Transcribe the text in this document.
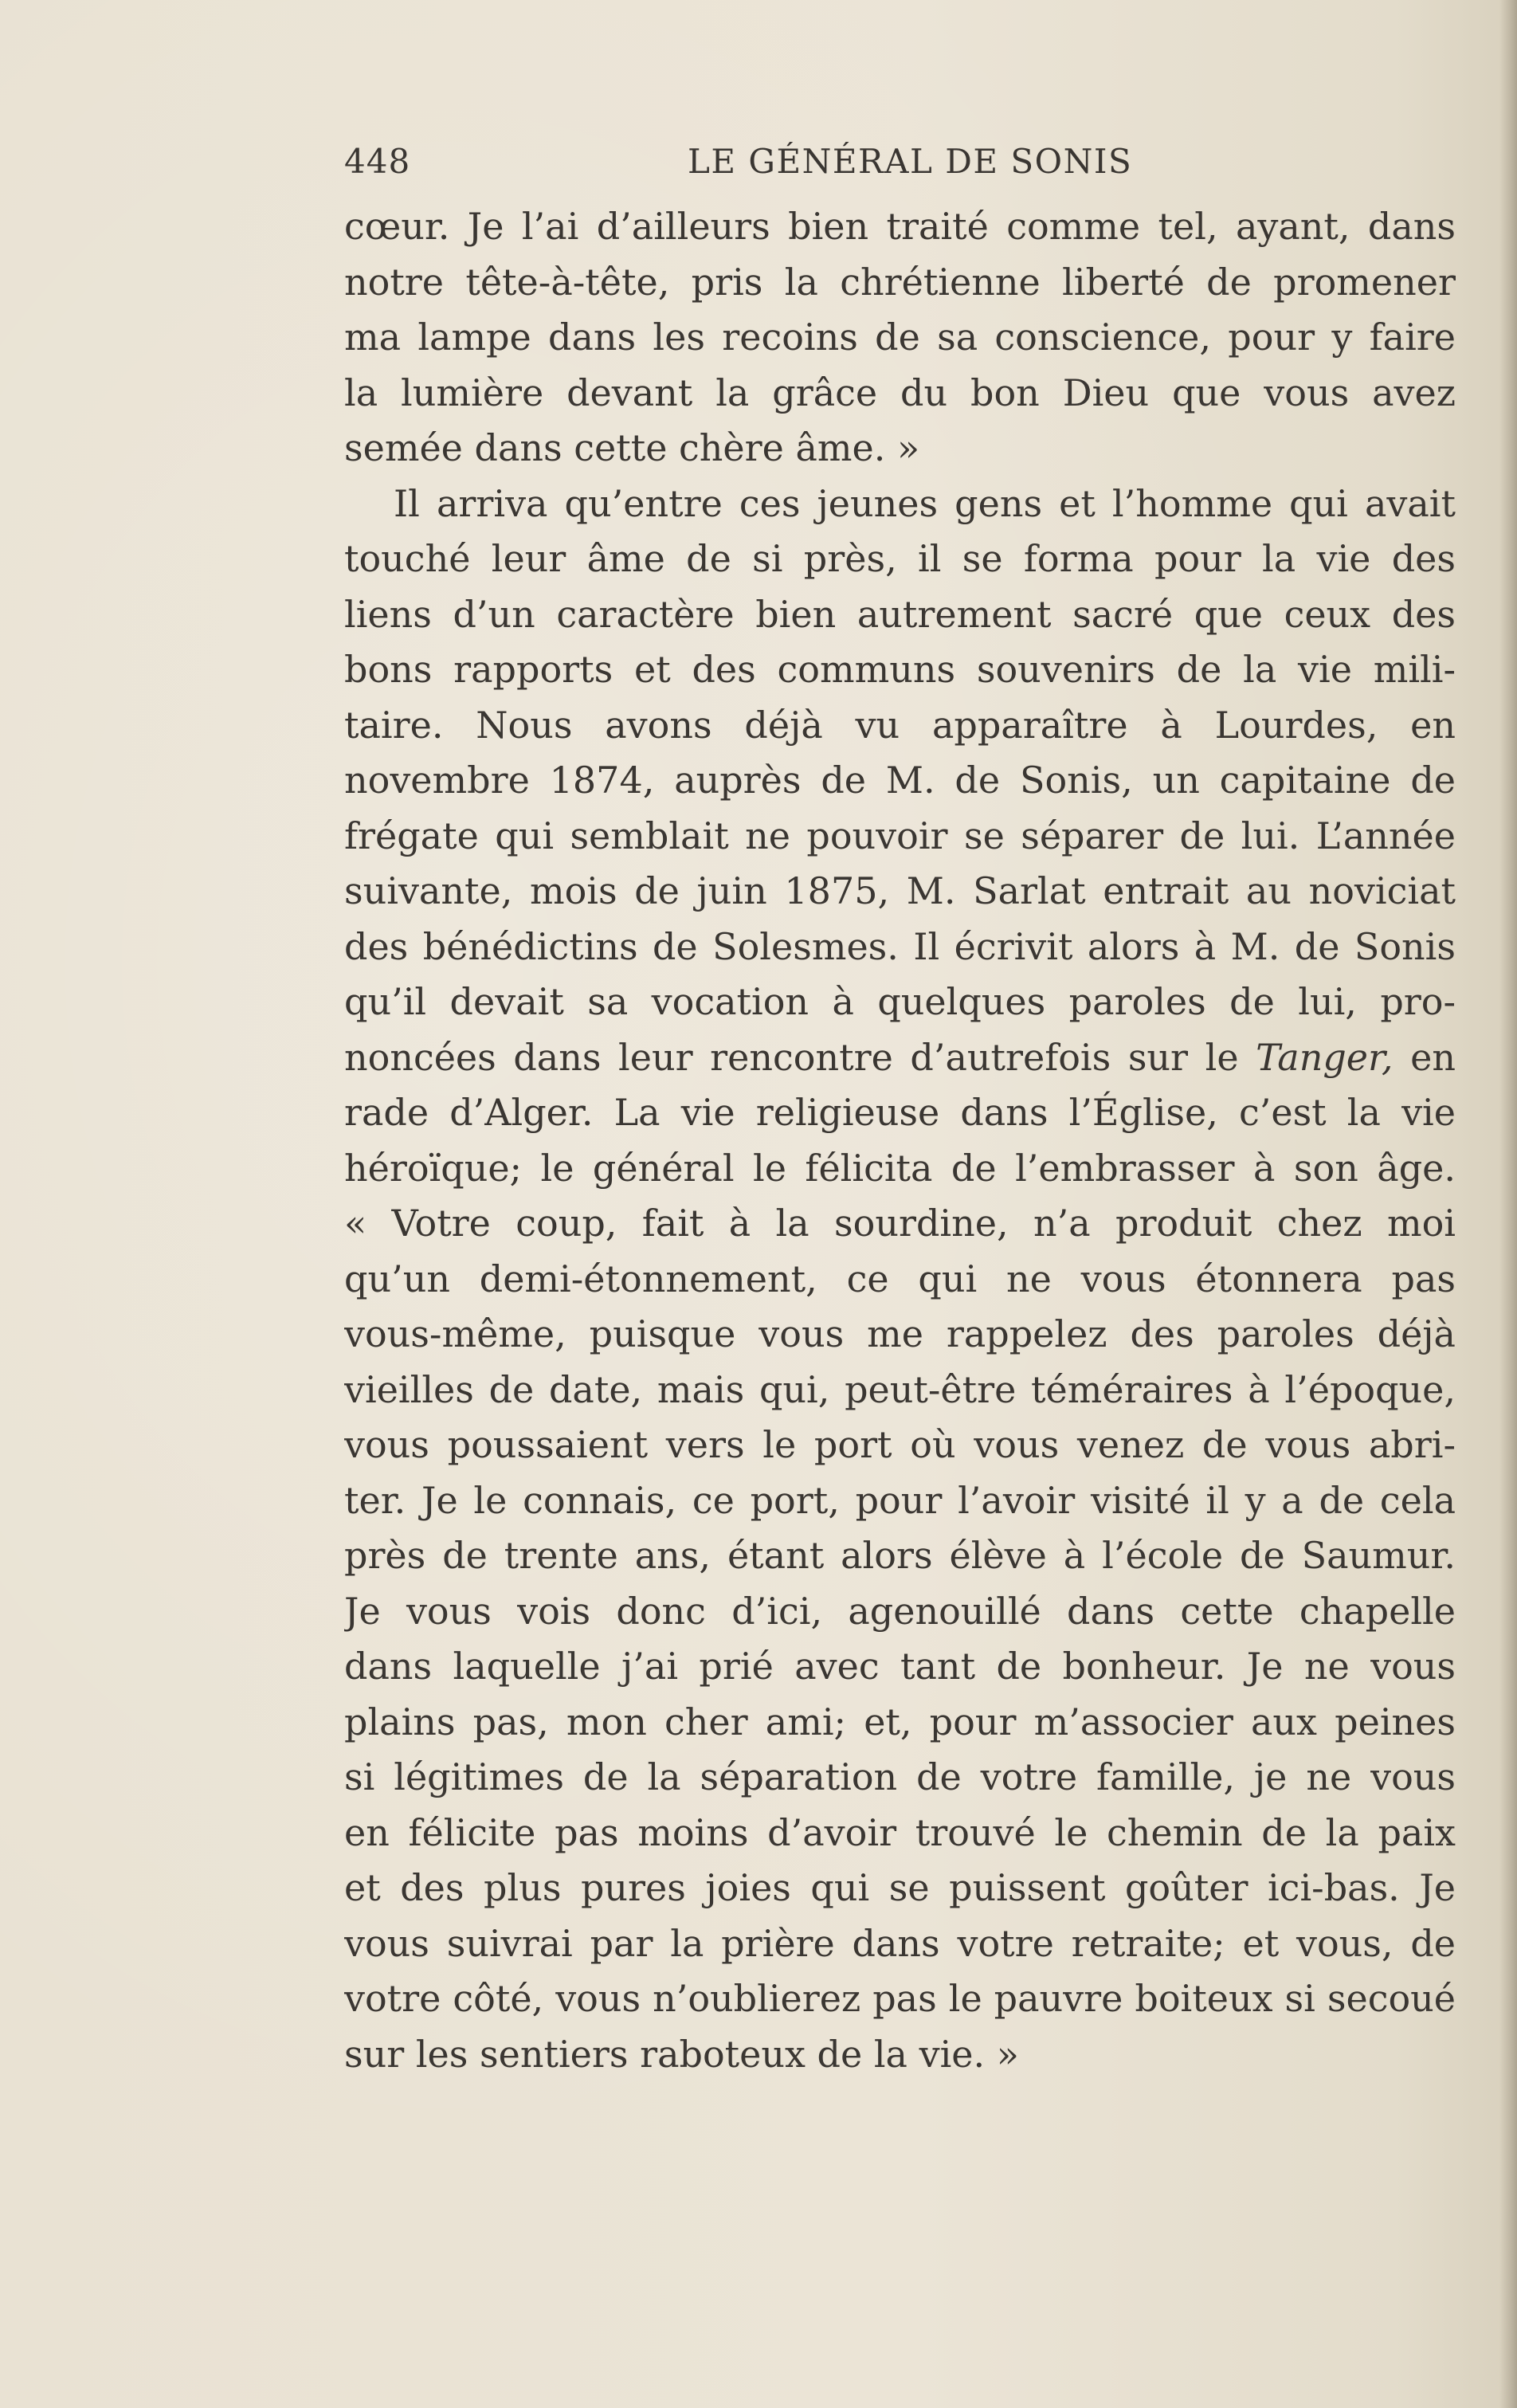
448	LE GÉNÉRAL DE SONIS
cœur. Je l’ai d’ailleurs bien traité comme tel, ayant, dans
notre tête-à-tête, pris la chrétienne liberté de promener
ma lampe dans les recoins de sa conscience, pour y faire
la lumière devant la grâce du bon Dieu que vous avez
semée dans cette chère âme. »
Il arriva qu’entre ces jeunes gens et l’homme qui avait
touché leur âme de si près, il se forma pour la vie des
liens d’un caractère bien autrement sacré que ceux des
bons rapports et des communs souvenirs de la vie mili-
taire. Nous avons déjà vu apparaître à Lourdes, en
novembre 1874, auprès de M. de Sonis, un capitaine de
frégate qui semblait ne pouvoir se séparer de lui. L’année
suivante, mois de juin 1875, M. Sarlat entrait au noviciat
des bénédictins de Solesmes. Il écrivit alors à M. de Sonis
qu’il devait sa vocation à quelques paroles de lui, pro-
noncées dans leur rencontre d’autrefois sur le Tanger, en
rade d’Alger. La vie religieuse dans l’Église, c’est la vie
héroïque; le général le félicita de l’embrasser à son âge.
« Votre coup, fait à la sourdine, n’a produit chez moi
qu’un demi-étonnement, ce qui ne vous étonnera pas
vous-même, puisque vous me rappelez des paroles déjà
vieilles de date, mais qui, peut-être téméraires à l’époque,
vous poussaient vers le port où vous venez de vous abri-
ter. Je le connais, ce port, pour l’avoir visité il y a de cela
près de trente ans, étant alors élève à l’école de Saumur.
Je vous vois donc d’ici, agenouillé dans cette chapelle
dans laquelle j’ai prié avec tant de bonheur. Je ne vous
plains pas, mon cher ami; et, pour m’associer aux peines
si légitimes de la séparation de votre famille, je ne vous
en félicite pas moins d’avoir trouvé le chemin de la paix
et des plus pures joies qui se puissent goûter ici-bas. Je
vous suivrai par la prière dans votre retraite; et vous, de
votre côté, vous n’oublierez pas le pauvre boiteux si secoué
sur les sentiers raboteux de la vie. »
